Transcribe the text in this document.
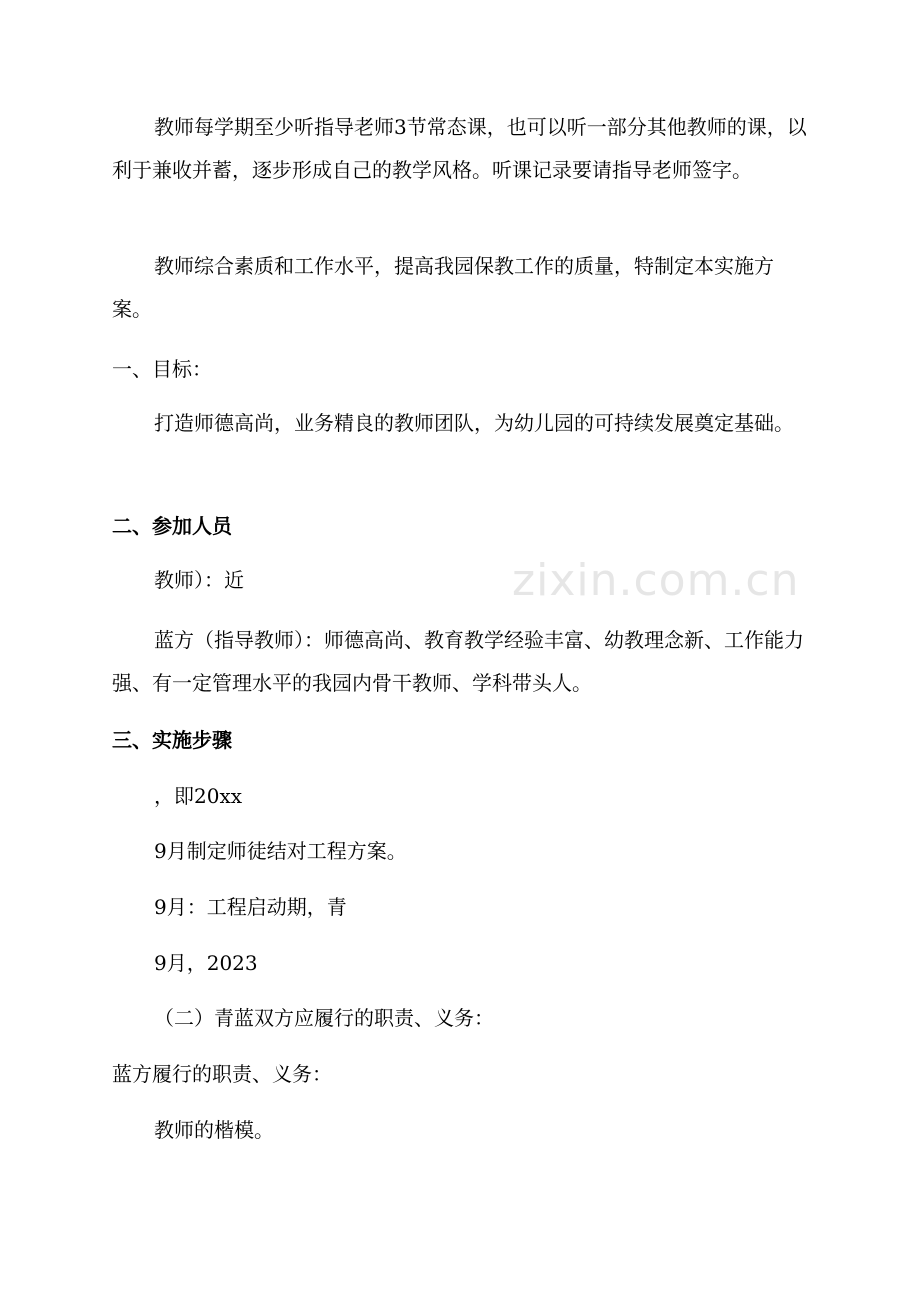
教师每学期至少听指导老师3节常态课，也可以听一部分其他教师的课，以利于兼收并蓄，逐步形成自己的教学风格。听课记录要请指导老师签字。

教师综合素质和工作水平，提高我园保教工作的质量，特制定本实施方案。

一、目标：

打造师德高尚，业务精良的教师团队，为幼儿园的可持续发展奠定基础。

二、参加人员

教师）：近

蓝方（指导教师）：师德高尚、教育教学经验丰富、幼教理念新、工作能力强、有一定管理水平的我园内骨干教师、学科带头人。

三、实施步骤

，即20xx

9月制定师徒结对工程方案。

9月：工程启动期，青

9月，2023

（二）青蓝双方应履行的职责、义务：

蓝方履行的职责、义务：

教师的楷模。

zixin.com.cn
